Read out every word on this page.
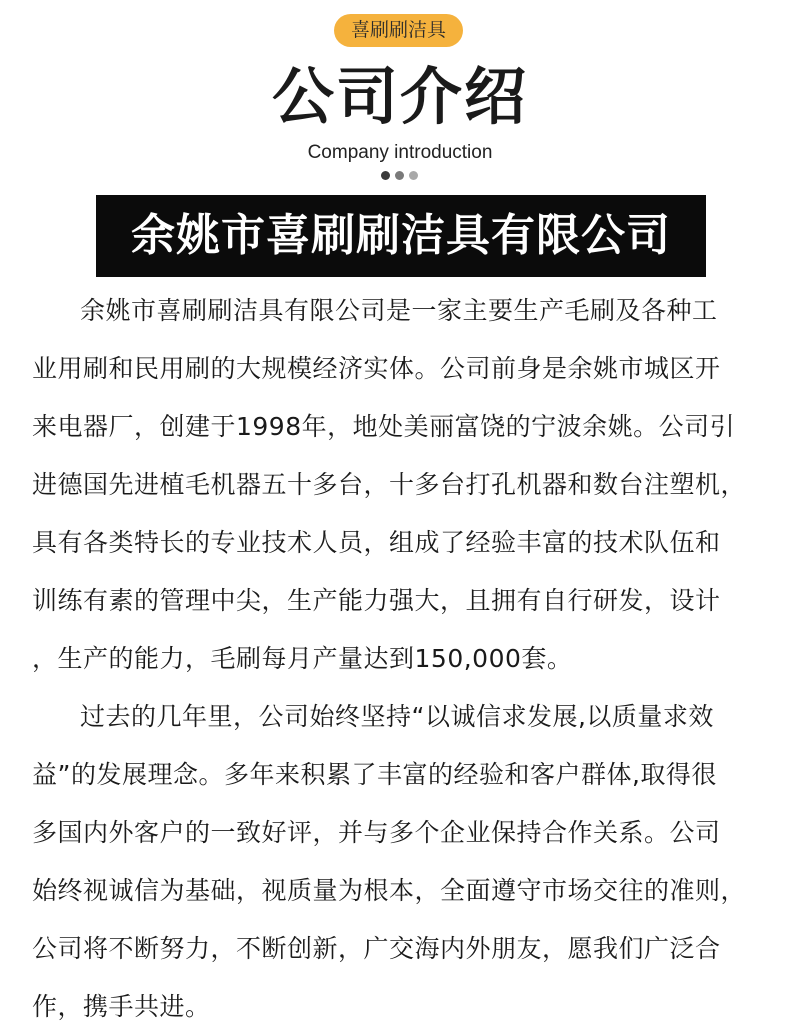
喜刷刷洁具
公司介绍
Company introduction
余姚市喜刷刷洁具有限公司
余姚市喜刷刷洁具有限公司是一家主要生产毛刷及各种工
业用刷和民用刷的大规模经济实体。公司前身是余姚市城区开
来电器厂，创建于1998年，地处美丽富饶的宁波余姚。公司引
进德国先进植毛机器五十多台，十多台打孔机器和数台注塑机，
具有各类特长的专业技术人员，组成了经验丰富的技术队伍和
训练有素的管理中尖，生产能力强大，且拥有自行研发，设计
，生产的能力，毛刷每月产量达到150,000套。
过去的几年里，公司始终坚持“以诚信求发展,以质量求效
益”的发展理念。多年来积累了丰富的经验和客户群体,取得很
多国内外客户的一致好评，并与多个企业保持合作关系。公司
始终视诚信为基础，视质量为根本，全面遵守市场交往的准则，
公司将不断努力，不断创新，广交海内外朋友，愿我们广泛合
作，携手共进。
